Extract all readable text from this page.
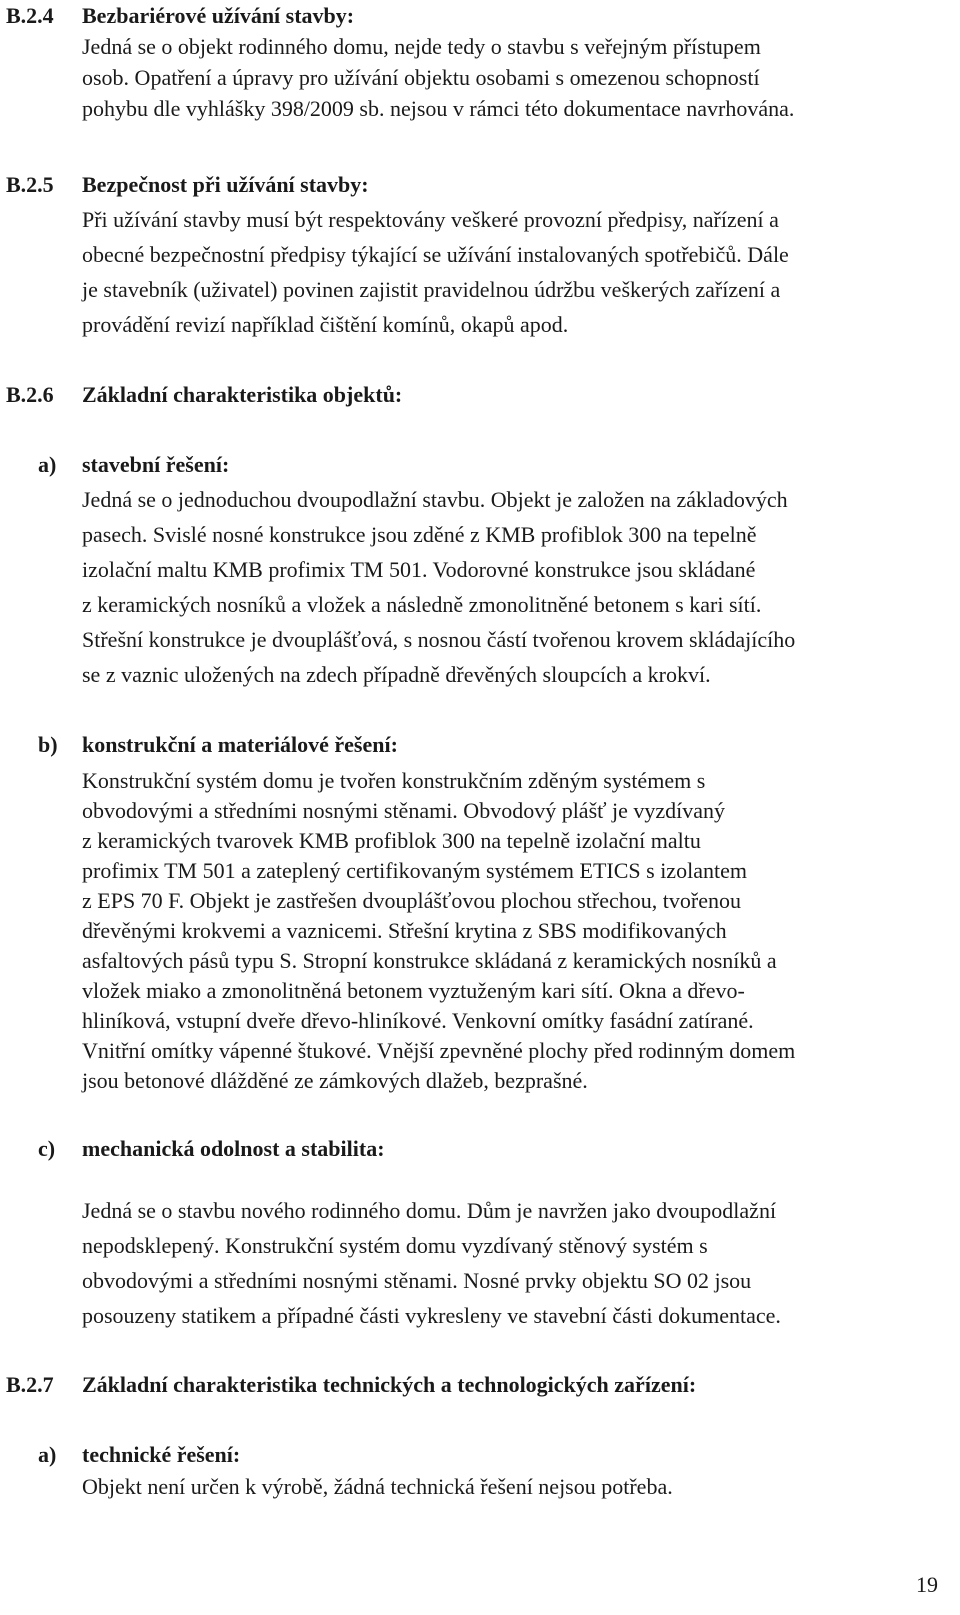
B.2.4 Bezbariérové užívání stavby:
Jedná se o objekt rodinného domu, nejde tedy o stavbu s veřejným přístupem
osob. Opatření a úpravy pro užívání objektu osobami s omezenou schopností
pohybu dle vyhlášky 398/2009 sb. nejsou v rámci této dokumentace navrhována.
B.2.5 Bezpečnost při užívání stavby:
Při užívání stavby musí být respektovány veškeré provozní předpisy, nařízení a
obecné bezpečnostní předpisy týkající se užívání instalovaných spotřebičů. Dále
je stavebník (uživatel) povinen zajistit pravidelnou údržbu veškerých zařízení a
provádění revizí například čištění komínů, okapů apod.
B.2.6 Základní charakteristika objektů:
a) stavební řešení:
Jedná se o jednoduchou dvoupodlažní stavbu. Objekt je založen na základových
pasech. Svislé nosné konstrukce jsou zděné z KMB profiblok 300 na tepelně
izolační maltu KMB profimix TM 501. Vodorovné konstrukce jsou skládané
z keramických nosníků a vložek a následně zmonolitněné betonem s kari sítí.
Střešní konstrukce je dvouplášťová, s nosnou částí tvořenou krovem skládajícího
se z vaznic uložených na zdech případně dřevěných sloupcích a krokví.
b) konstrukční a materiálové řešení:
Konstrukční systém domu je tvořen konstrukčním zděným systémem s
obvodovými a středními nosnými stěnami. Obvodový plášť je vyzdívaný
z keramických tvarovek KMB profiblok 300 na tepelně izolační maltu
profimix TM 501 a zateplený certifikovaným systémem ETICS s izolantem
z EPS 70 F. Objekt je zastřešen dvouplášťovou plochou střechou, tvořenou
dřevěnými krokvemi a vaznicemi. Střešní krytina z SBS modifikovaných
asfaltových pásů typu S. Stropní konstrukce skládaná z keramických nosníků a
vložek miako a zmonolitněná betonem vyztuženým kari sítí. Okna a dřevo-
hliníková, vstupní dveře dřevo-hliníkové. Venkovní omítky fasádní zatírané.
Vnitřní omítky vápenné štukové. Vnější zpevněné plochy před rodinným domem
jsou betonové dlážděné ze zámkových dlažeb, bezprašné.
c) mechanická odolnost a stabilita:
Jedná se o stavbu nového rodinného domu. Dům je navržen jako dvoupodlažní
nepodsklepený. Konstrukční systém domu vyzdívaný stěnový systém s
obvodovými a středními nosnými stěnami. Nosné prvky objektu SO 02 jsou
posouzeny statikem a případné části vykresleny ve stavební části dokumentace.
B.2.7 Základní charakteristika technických a technologických zařízení:
a) technické řešení:
Objekt není určen k výrobě, žádná technická řešení nejsou potřeba.
19
